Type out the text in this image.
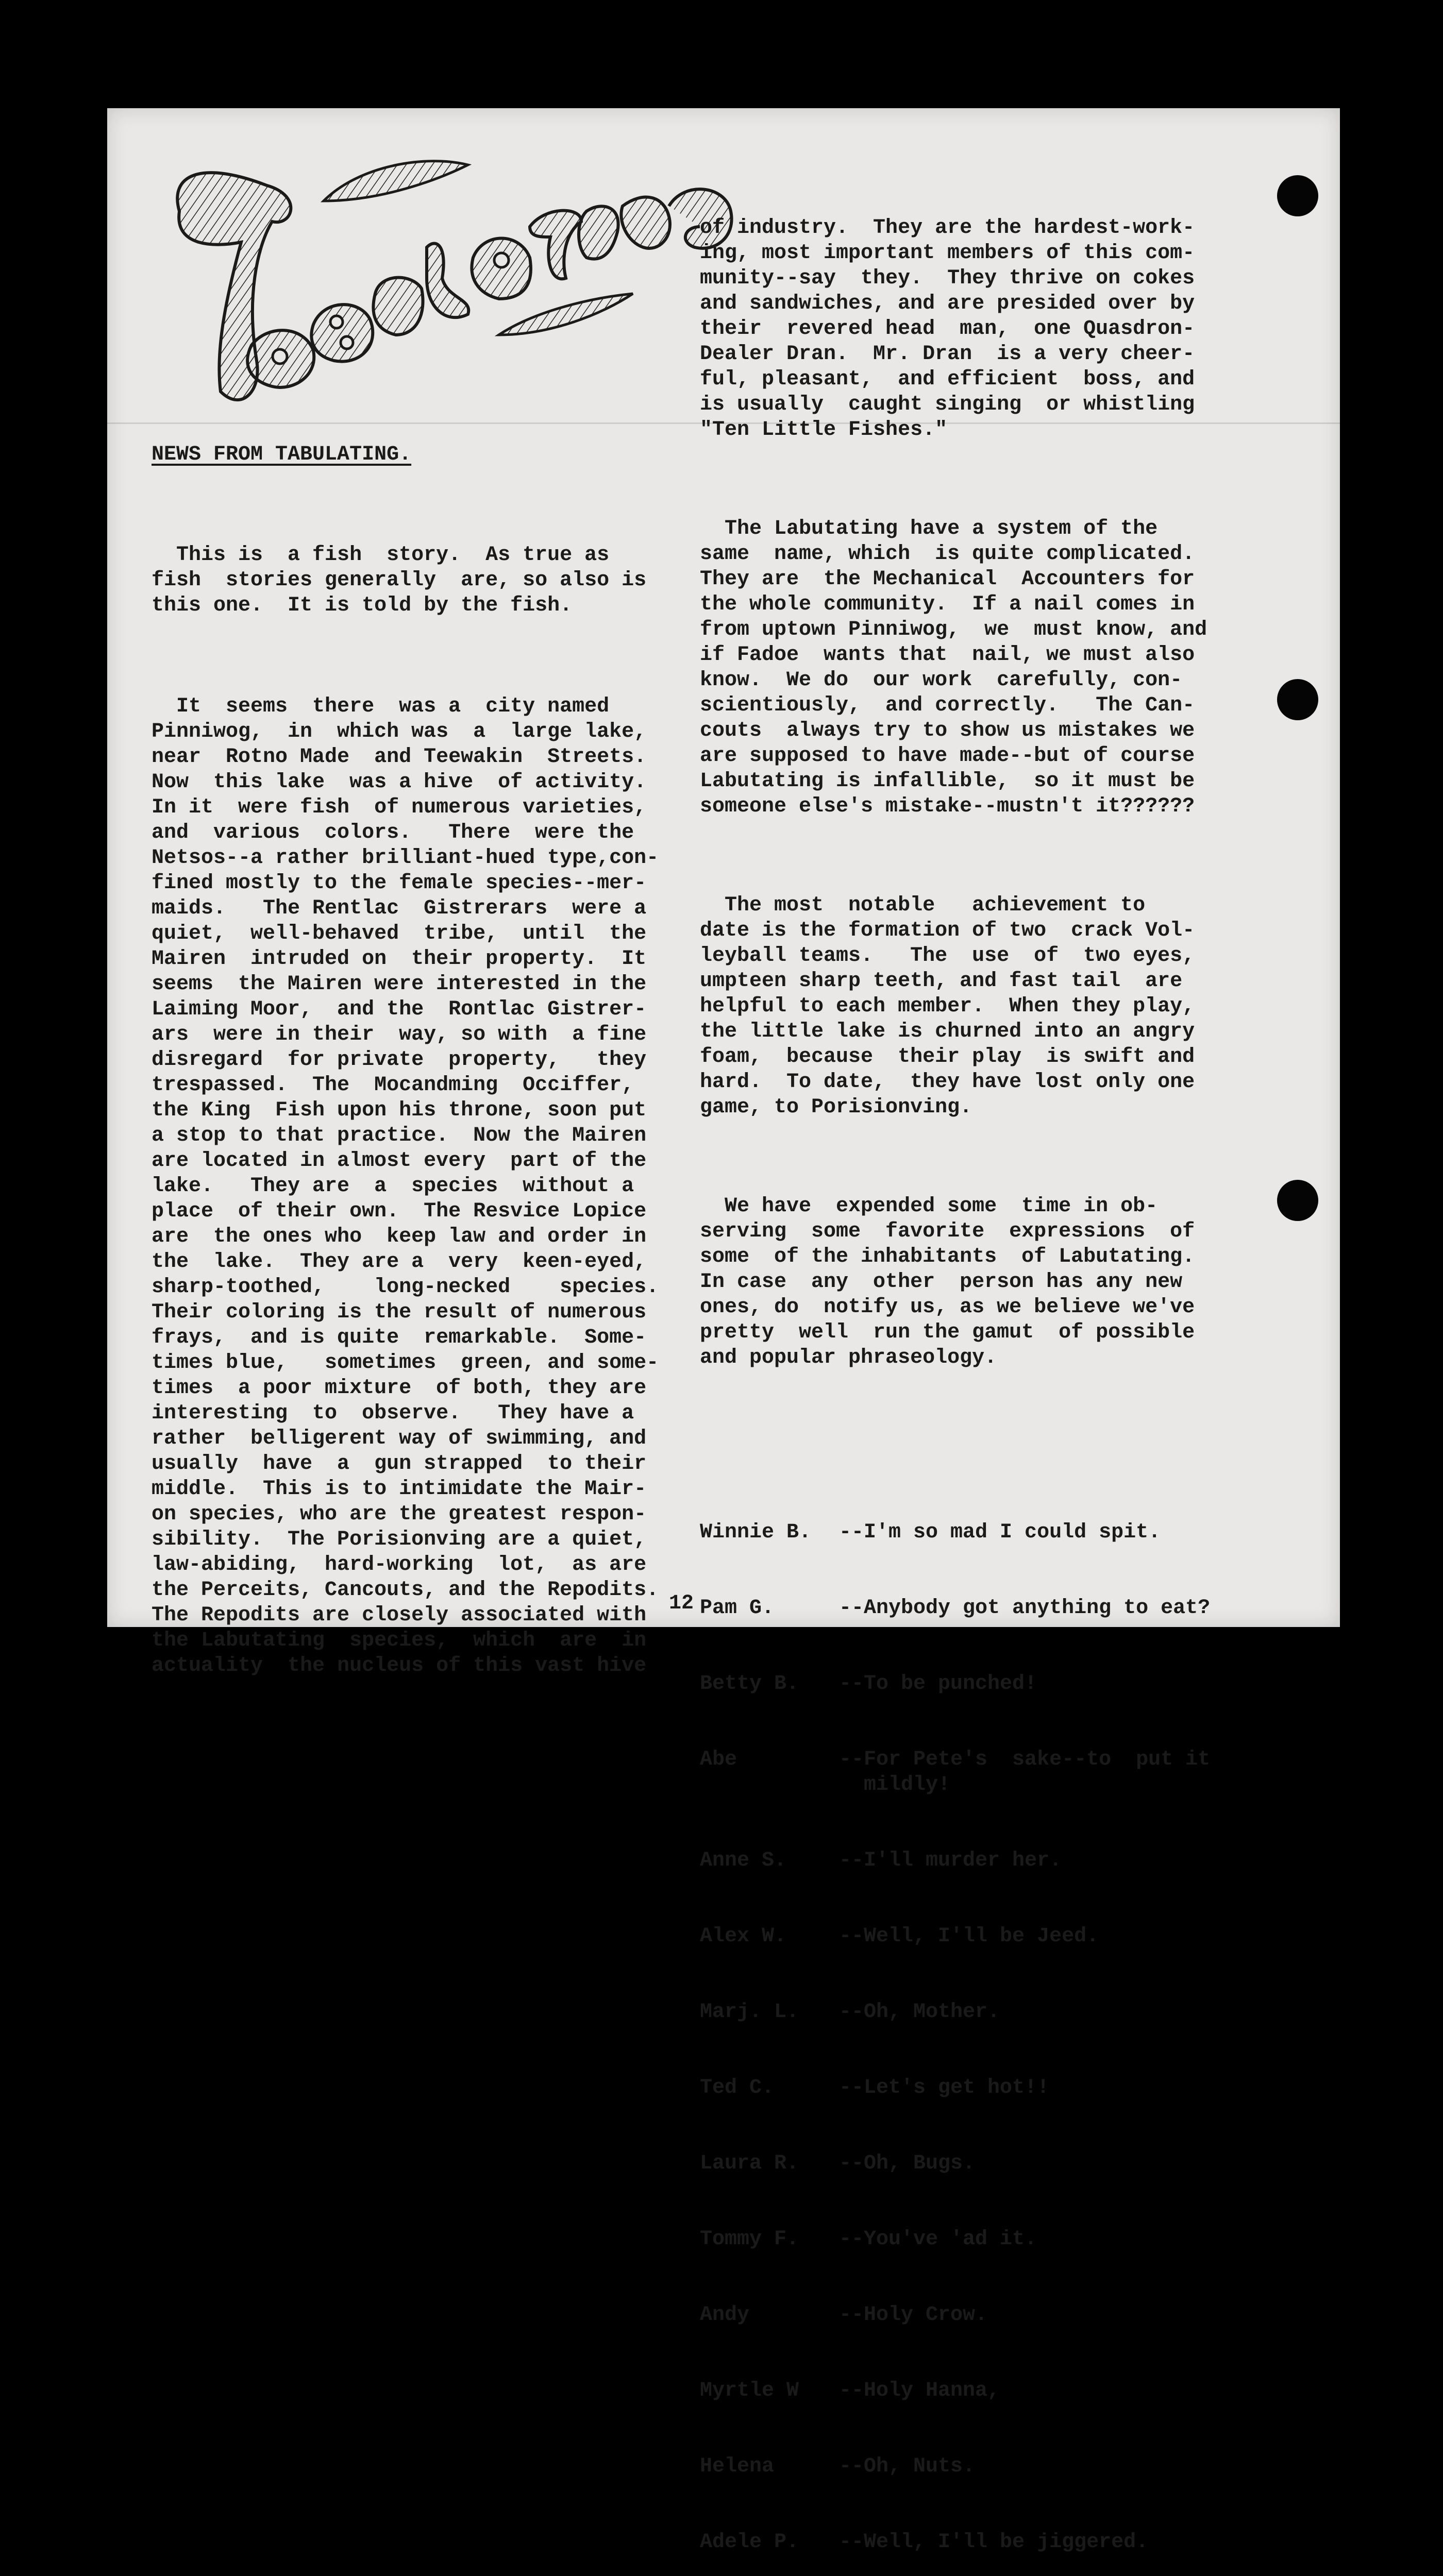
TABULATING
NEWS FROM TABULATING.

This is  a fish  story.  As true as
fish  stories generally  are, so also is
this one.  It is told by the fish.

It  seems  there  was a  city named
Pinniwog,  in  which was  a  large lake,
near  Rotno Made  and Teewakin  Streets.
Now  this lake  was a hive  of activity.
In it  were fish  of numerous varieties,
and  various  colors.   There  were the
Netsos--a rather brilliant-hued type,con-
fined mostly to the female species--mer-
maids.   The Rentlac  Gistrerars  were a
quiet,  well-behaved  tribe,  until  the
Mairen  intruded on  their property.  It
seems  the Mairen were interested in the
Laiming Moor,  and the  Rontlac Gistrer-
ars  were in their  way, so with  a fine
disregard  for private  property,   they
trespassed.  The  Mocandming  Occiffer,
the King  Fish upon his throne, soon put
a stop to that practice.  Now the Mairen
are located in almost every  part of the
lake.   They are  a  species  without a
place  of their own.  The Resvice Lopice
are  the ones who  keep law and order in
the  lake.  They are a  very  keen-eyed,
sharp-toothed,    long-necked    species.
Their coloring is the result of numerous
frays,  and is quite  remarkable.  Some-
times blue,   sometimes  green, and some-
times  a poor mixture  of both, they are
interesting  to  observe.   They have a
rather  belligerent way of swimming, and
usually  have  a  gun strapped  to their
middle.  This is to intimidate the Mair-
on species, who are the greatest respon-
sibility.  The Porisionving are a quiet,
law-abiding,  hard-working  lot,  as are
the Perceits, Cancouts, and the Repodits.
The Repodits are closely associated with
the Labutating  species,  which  are  in
actuality  the nucleus of this vast hive

of industry.  They are the hardest-work-
ing, most important members of this com-
munity--say  they.  They thrive on cokes
and sandwiches, and are presided over by
their  revered head  man,  one Quasdron-
Dealer Dran.  Mr. Dran  is a very cheer-
ful, pleasant,  and efficient  boss, and
is usually  caught singing  or whistling
"Ten Little Fishes."

The Labutating have a system of the
same  name, which  is quite complicated.
They are  the Mechanical  Accounters for
the whole community.  If a nail comes in
from uptown Pinniwog,  we  must know, and
if Fadoe  wants that  nail, we must also
know.  We do  our work  carefully, con-
scientiously,  and correctly.   The Can-
couts  always try to show us mistakes we
are supposed to have made--but of course
Labutating is infallible,  so it must be
someone else's mistake--mustn't it??????

The most  notable   achievement to
date is the formation of two  crack Vol-
leyball teams.   The  use  of  two eyes,
umpteen sharp teeth, and fast tail  are
helpful to each member.  When they play,
the little lake is churned into an angry
foam,  because  their play  is swift and
hard.  To date,  they have lost only one
game, to Porisionving.

We have  expended some  time in ob-
serving  some  favorite  expressions  of
some  of the inhabitants  of Labutating.
In case  any  other  person has any new
ones, do  notify us, as we believe we've
pretty  well  run the gamut  of possible
and popular phraseology.

Winnie B.	--I'm so mad I could spit.

Pam G.	--Anybody got anything to eat?

Betty B.	--To be punched!

Abe	--For Pete's  sake--to  put it
mildly!

Anne S.	--I'll murder her.

Alex W.	--Well, I'll be Jeed.

Marj. L.	--Oh, Mother.

Ted C.	--Let's get hot!!

Laura R.	--Oh, Bugs.

Tommy F.	--You've 'ad it.

Andy	--Holy Crow.

Myrtle W	--Holy Hanna,

Helena	--Oh, Nuts.

Adele P.	--Well, I'll be jiggered.

12
